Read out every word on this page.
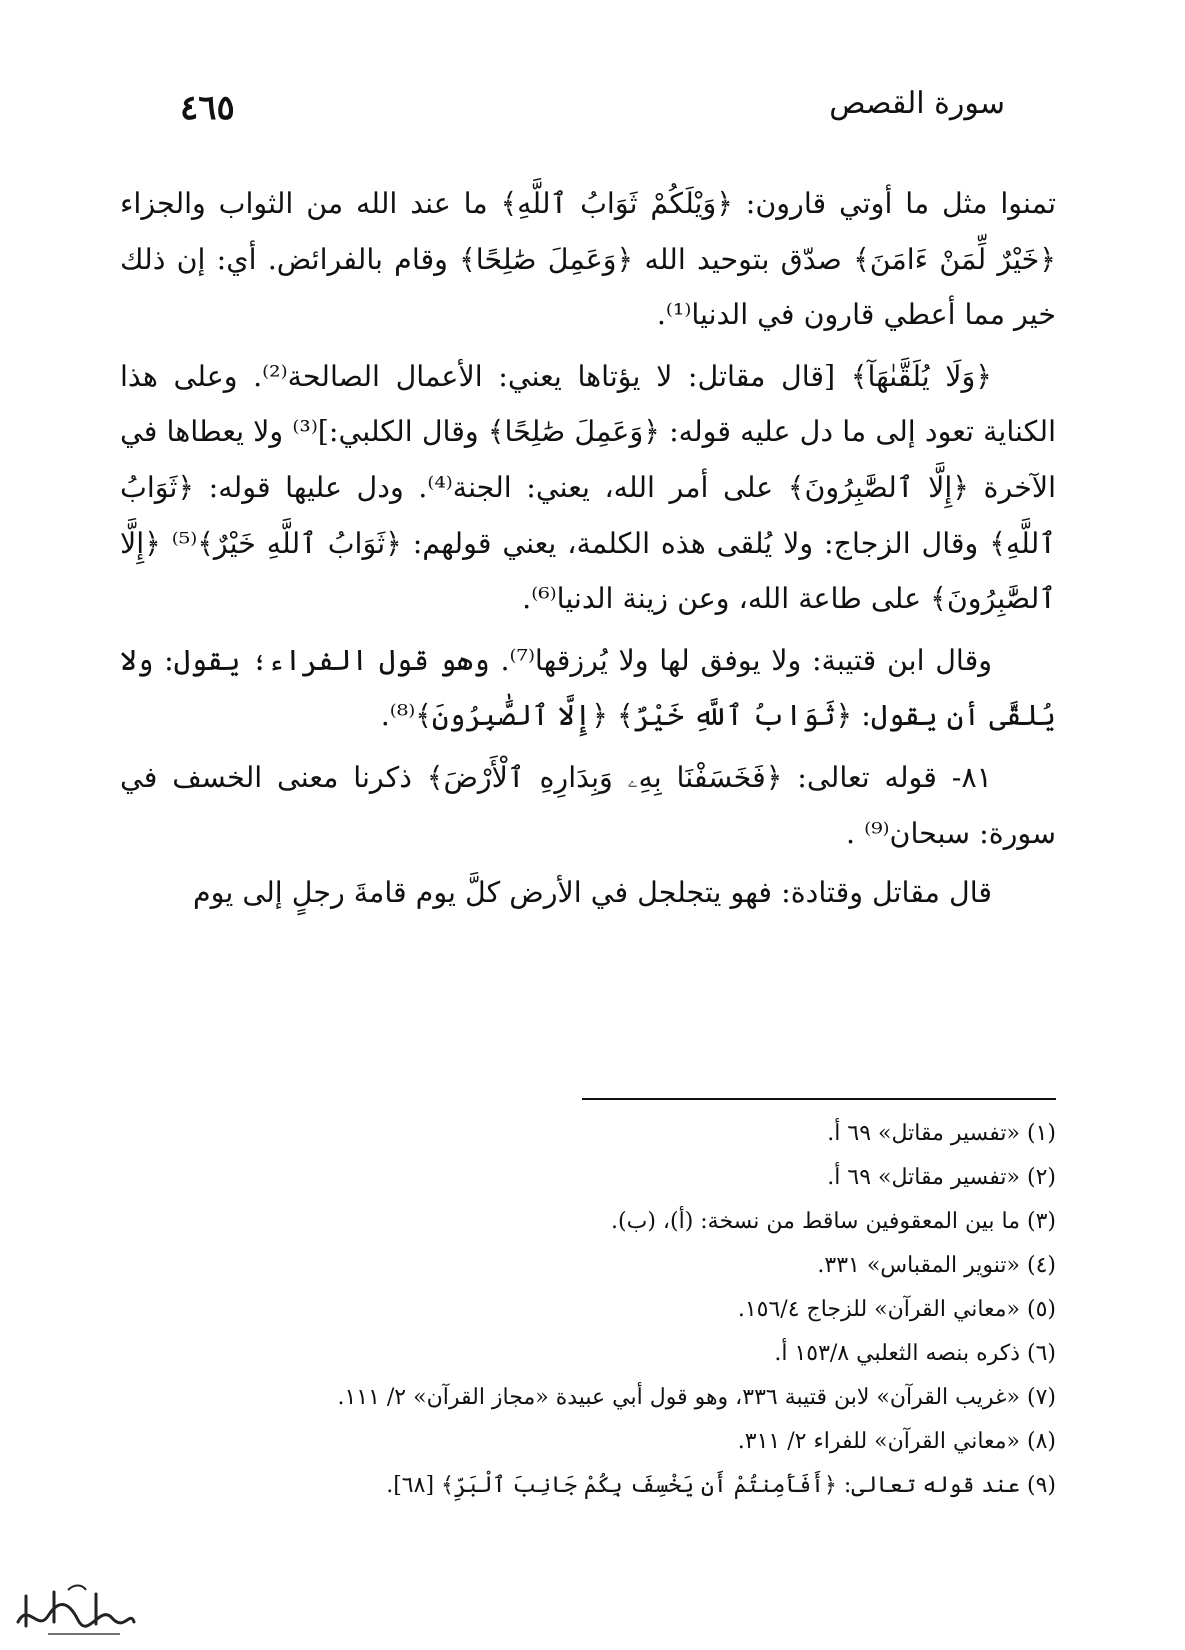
سورة القصص
٤٦٥

تمنوا مثل ما أوتي قارون: ﴿وَيْلَكُمْ ثَوَابُ ٱللَّهِ﴾ ما عند الله من الثواب والجزاء ﴿خَيْرٌ لِّمَنْ ءَامَنَ﴾ صدّق بتوحيد الله ﴿وَعَمِلَ صَٰلِحًا﴾ وقام بالفرائض. أي: إن ذلك خير مما أعطي قارون في الدنيا⁽¹⁾.

﴿وَلَا يُلَقَّىٰهَآ﴾ [قال مقاتل: لا يؤتاها يعني: الأعمال الصالحة⁽²⁾. وعلى هذا الكناية تعود إلى ما دل عليه قوله: ﴿وَعَمِلَ صَٰلِحًا﴾ وقال الكلبي:]⁽³⁾ ولا يعطاها في الآخرة ﴿إِلَّا ٱلصَّٰبِرُونَ﴾ على أمر الله، يعني: الجنة⁽⁴⁾. ودل عليها قوله: ﴿ثَوَابُ ٱللَّهِ﴾ وقال الزجاج: ولا يُلقى هذه الكلمة، يعني قولهم: ﴿ثَوَابُ ٱللَّهِ خَيْرٌ﴾⁽⁵⁾ ﴿إِلَّا ٱلصَّٰبِرُونَ﴾ على طاعة الله، وعن زينة الدنيا⁽⁶⁾.

وقال ابن قتيبة: ولا يوفق لها ولا يُرزقها⁽⁷⁾. وهو قول الفراء؛ يقول: ولا يُلقَّى أن يقول: ﴿ثَوَابُ ٱللَّهِ خَيْرٌ﴾ ﴿إِلَّا ٱلصَّٰبِرُونَ﴾⁽⁸⁾.

٨١- قوله تعالى: ﴿فَخَسَفْنَا بِهِۦ وَبِدَارِهِ ٱلْأَرْضَ﴾ ذكرنا معنى الخسف في سورة: سبحان⁽⁹⁾ .

قال مقاتل وقتادة: فهو يتجلجل في الأرض كلَّ يوم قامةَ رجلٍ إلى يوم

(١) «تفسير مقاتل» ٦٩ أ.

(٢) «تفسير مقاتل» ٦٩ أ.

(٣) ما بين المعقوفين ساقط من نسخة: (أ)، (ب).

(٤) «تنوير المقباس» ٣٣١.

(٥) «معاني القرآن» للزجاج ١٥٦/٤.

(٦) ذكره بنصه الثعلبي ١٥٣/٨ أ.

(٧) «غريب القرآن» لابن قتيبة ٣٣٦، وهو قول أبي عبيدة «مجاز القرآن» ٢/ ١١١.

(٨) «معاني القرآن» للفراء ٢/ ٣١١.

(٩) عند قوله تعالى: ﴿أَفَأَمِنتُمْ أَن يَخْسِفَ بِكُمْ جَانِبَ ٱلْبَرِّ﴾ [٦٨].
